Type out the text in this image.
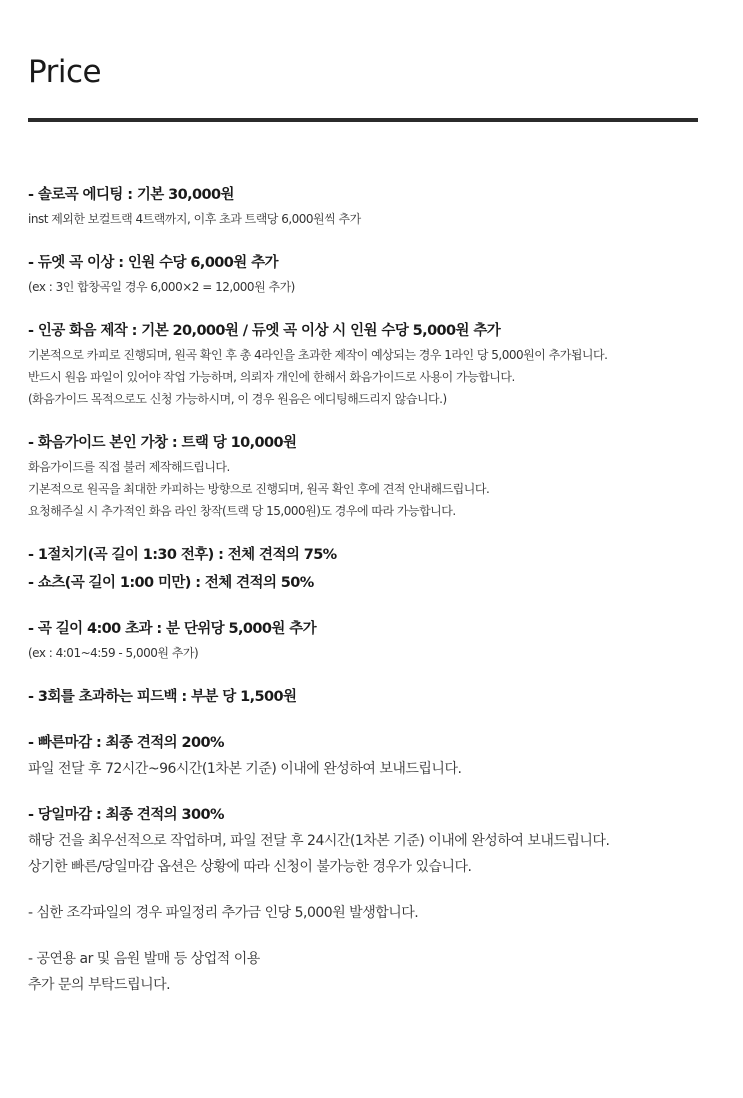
Price
- 솔로곡 에디팅 : 기본 30,000원
inst 제외한 보컬트랙 4트랙까지, 이후 초과 트랙당 6,000원씩 추가
- 듀엣 곡 이상 : 인원 수당 6,000원 추가
(ex : 3인 합창곡일 경우 6,000×2 = 12,000원 추가)
- 인공 화음 제작 : 기본 20,000원 / 듀엣 곡 이상 시 인원 수당 5,000원 추가
기본적으로 카피로 진행되며, 원곡 확인 후 총 4라인을 초과한 제작이 예상되는 경우 1라인 당 5,000원이 추가됩니다.
반드시 원음 파일이 있어야 작업 가능하며, 의뢰자 개인에 한해서 화음가이드로 사용이 가능합니다.
(화음가이드 목적으로도 신청 가능하시며, 이 경우 원음은 에디팅해드리지 않습니다.)
- 화음가이드 본인 가창 : 트랙 당 10,000원
화음가이드를 직접 불러 제작해드립니다.
기본적으로 원곡을 최대한 카피하는 방향으로 진행되며, 원곡 확인 후에 견적 안내해드립니다.
요청해주실 시 추가적인 화음 라인 창작(트랙 당 15,000원)도 경우에 따라 가능합니다.
- 1절치기(곡 길이 1:30 전후) : 전체 견적의 75%
- 쇼츠(곡 길이 1:00 미만) : 전체 견적의 50%
- 곡 길이 4:00 초과 : 분 단위당 5,000원 추가
(ex : 4:01~4:59 - 5,000원 추가)
- 3회를 초과하는 피드백 : 부분 당 1,500원
- 빠른마감 : 최종 견적의 200%
파일 전달 후 72시간~96시간(1차본 기준) 이내에 완성하여 보내드립니다.
- 당일마감 : 최종 견적의 300%
해당 건을 최우선적으로 작업하며, 파일 전달 후 24시간(1차본 기준) 이내에 완성하여 보내드립니다.
상기한 빠른/당일마감 옵션은 상황에 따라 신청이 불가능한 경우가 있습니다.
- 심한 조각파일의 경우 파일정리 추가금 인당 5,000원 발생합니다.
- 공연용 ar 및 음원 발매 등 상업적 이용
추가 문의 부탁드립니다.
